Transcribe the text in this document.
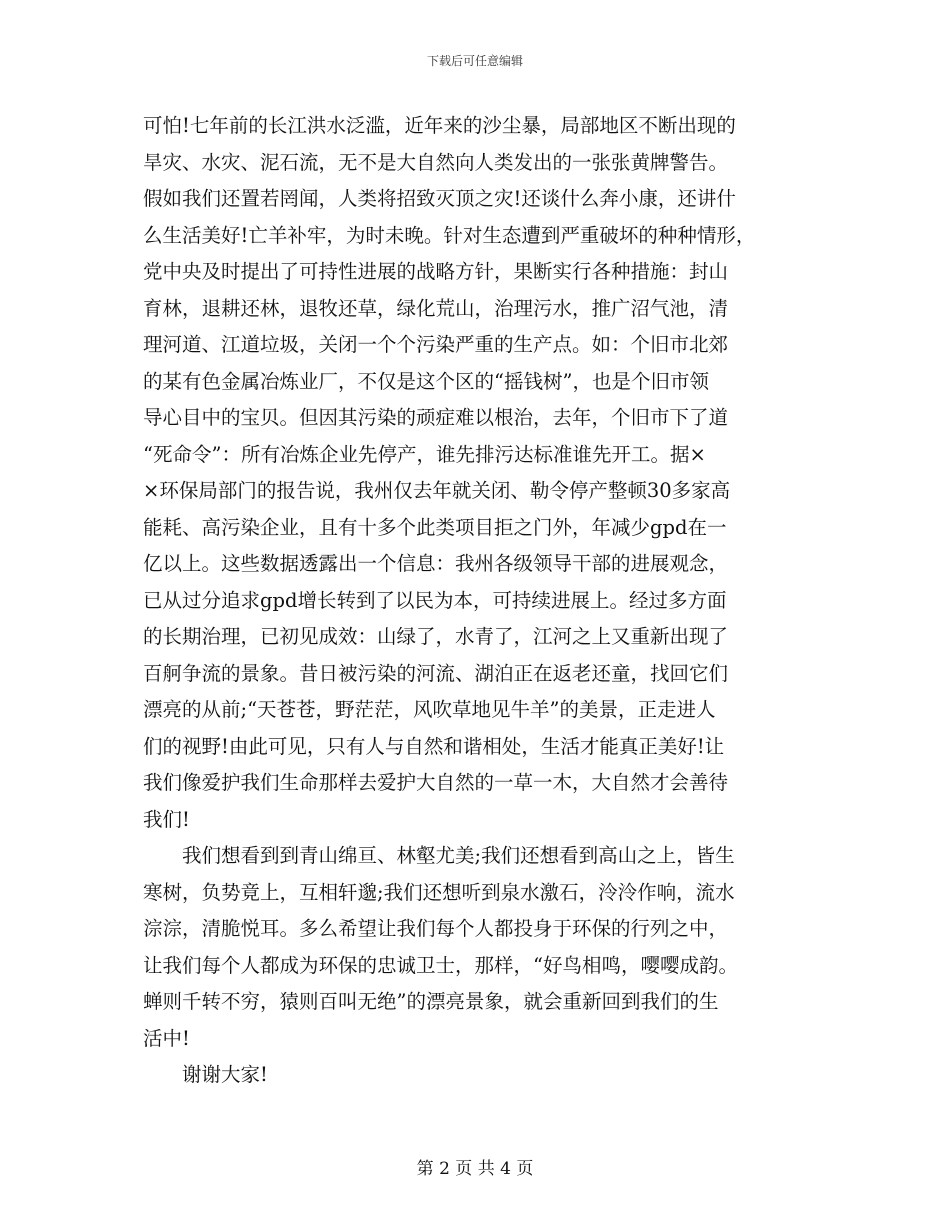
下载后可任意编辑
可怕!七年前的长江洪水泛滥，近年来的沙尘暴，局部地区不断出现的
旱灾、水灾、泥石流，无不是大自然向人类发出的一张张黄牌警告。
假如我们还置若罔闻，人类将招致灭顶之灾!还谈什么奔小康，还讲什
么生活美好!亡羊补牢，为时未晚。针对生态遭到严重破坏的种种情形，
党中央及时提出了可持性进展的战略方针，果断实行各种措施：封山
育林，退耕还林，退牧还草，绿化荒山，治理污水，推广沼气池，清
理河道、江道垃圾，关闭一个个污染严重的生产点。如：个旧市北郊
的某有色金属冶炼业厂，不仅是这个区的“摇钱树”，也是个旧市领
导心目中的宝贝。但因其污染的顽症难以根治，去年，个旧市下了道
“死命令”：所有冶炼企业先停产，谁先排污达标准谁先开工。据×
×环保局部门的报告说，我州仅去年就关闭、勒令停产整顿30多家高
能耗、高污染企业，且有十多个此类项目拒之门外，年减少gpd在一
亿以上。这些数据透露出一个信息：我州各级领导干部的进展观念，
已从过分追求gpd增长转到了以民为本，可持续进展上。经过多方面
的长期治理，已初见成效：山绿了，水青了，江河之上又重新出现了
百舸争流的景象。昔日被污染的河流、湖泊正在返老还童，找回它们
漂亮的从前;“天苍苍，野茫茫，风吹草地见牛羊”的美景，正走进人
们的视野!由此可见，只有人与自然和谐相处，生活才能真正美好!让
我们像爱护我们生命那样去爱护大自然的一草一木，大自然才会善待
我们!
　　我们想看到到青山绵亘、林壑尤美;我们还想看到高山之上，皆生
寒树，负势竟上，互相轩邈;我们还想听到泉水激石，泠泠作响，流水
淙淙，清脆悦耳。多么希望让我们每个人都投身于环保的行列之中，
让我们每个人都成为环保的忠诚卫士，那样，“好鸟相鸣，嘤嘤成韵。
蝉则千转不穷，猿则百叫无绝”的漂亮景象，就会重新回到我们的生
活中!
　　谢谢大家!
第 2 页 共 4 页
